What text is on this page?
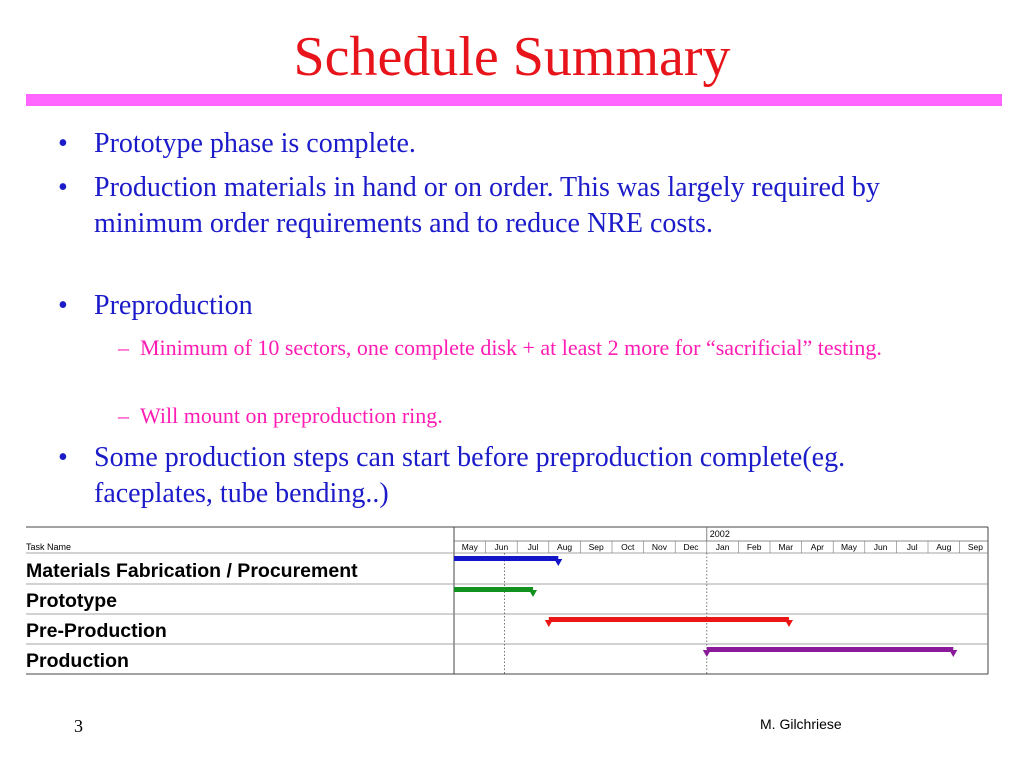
Schedule Summary
• Prototype phase is complete.
• Production materials in hand or on order. This was largely required by minimum order requirements and to reduce NRE costs.
• Preproduction
– Minimum of 10 sectors, one complete disk + at least 2 more for “sacrificial” testing.
– Will mount on preproduction ring.
• Some production steps can start before preproduction complete(eg. faceplates, tube bending..)
Task Name
2002
May Jun Jul Aug Sep Oct Nov Dec Jan Feb Mar Apr May Jun Jul Aug Sep
Materials Fabrication / Procurement
Prototype
Pre-Production
Production
3	M. Gilchriese
